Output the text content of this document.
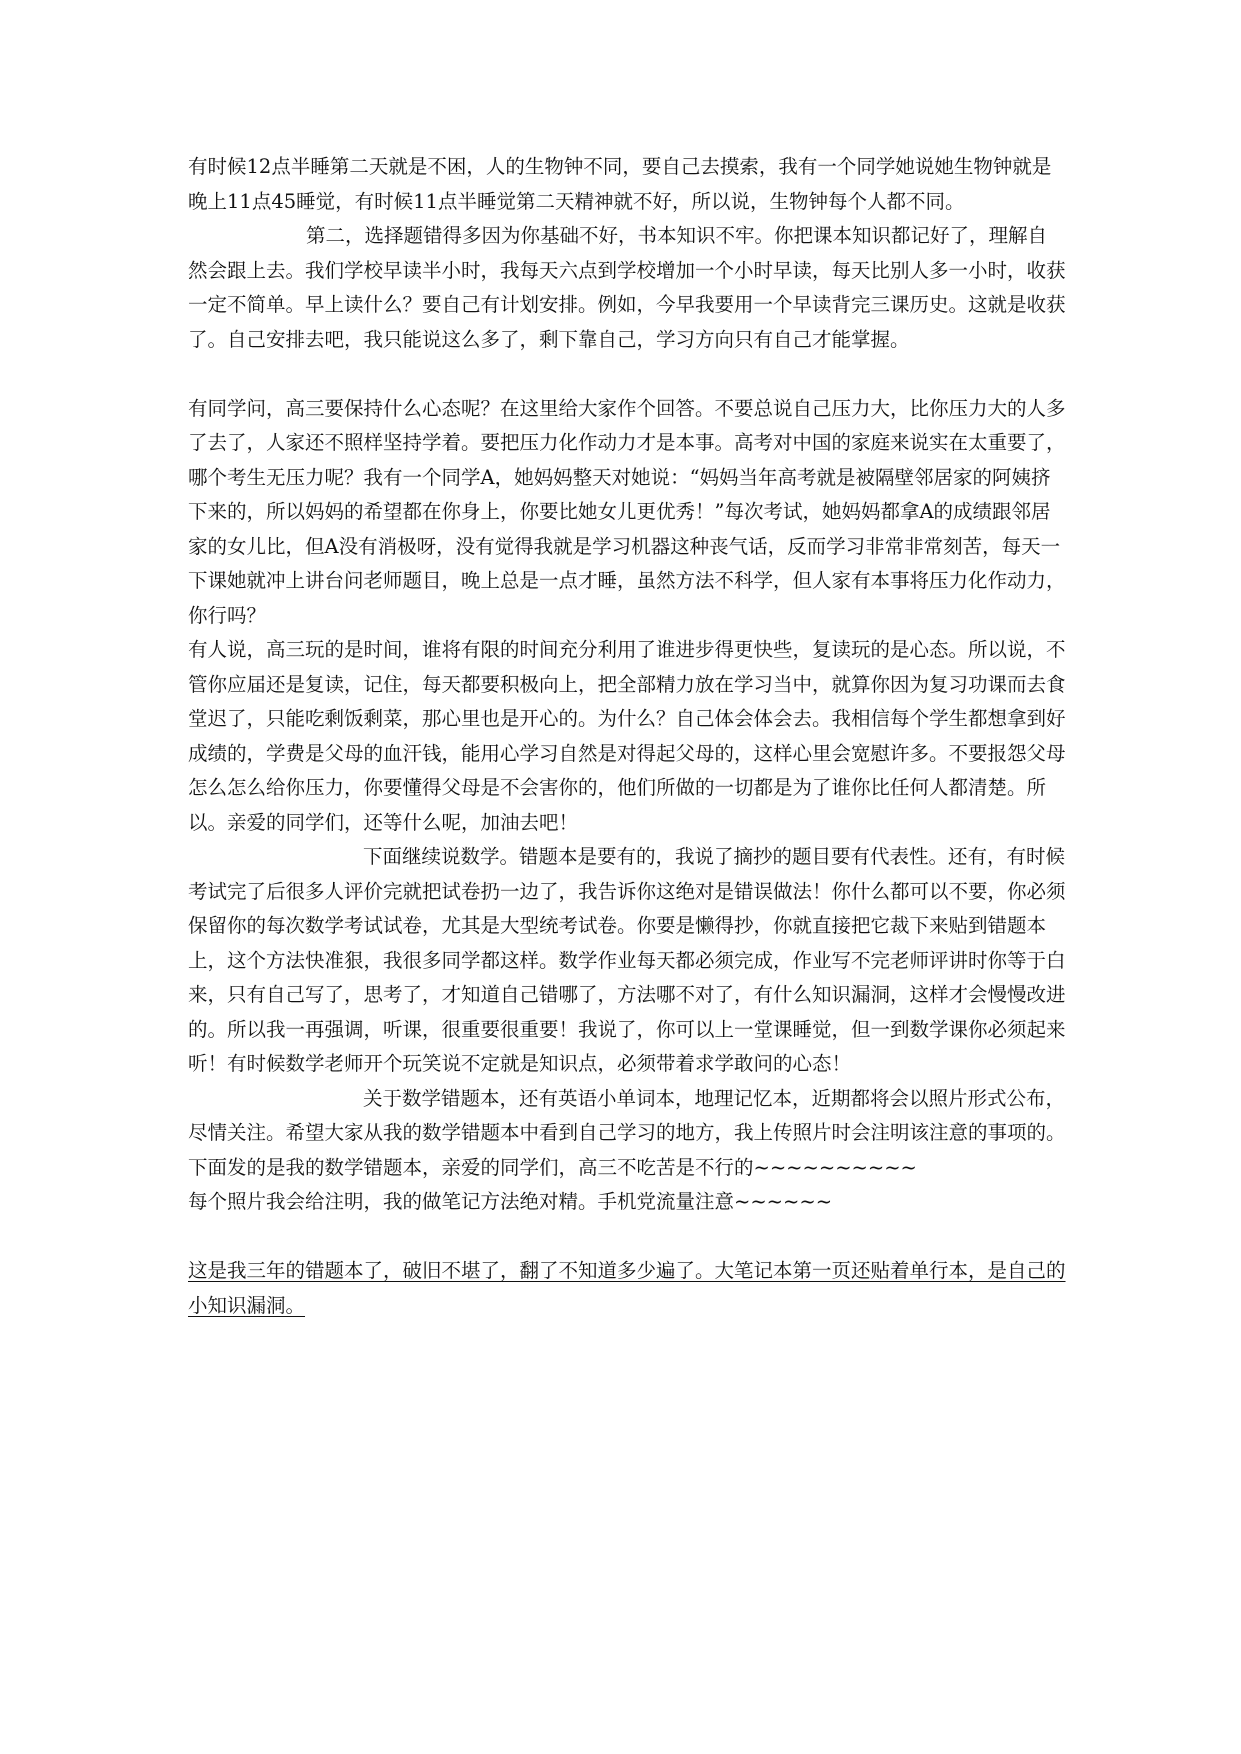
有时候12点半睡第二天就是不困，人的生物钟不同，要自己去摸索，我有一个同学她说她生物钟就是晚上11点45睡觉，有时候11点半睡觉第二天精神就不好，所以说，生物钟每个人都不同。

第二，选择题错得多因为你基础不好，书本知识不牢。你把课本知识都记好了，理解自然会跟上去。我们学校早读半小时，我每天六点到学校增加一个小时早读，每天比别人多一小时，收获一定不简单。早上读什么？要自己有计划安排。例如，今早我要用一个早读背完三课历史。这就是收获了。自己安排去吧，我只能说这么多了，剩下靠自己，学习方向只有自己才能掌握。

有同学问，高三要保持什么心态呢？在这里给大家作个回答。不要总说自己压力大，比你压力大的人多了去了，人家还不照样坚持学着。要把压力化作动力才是本事。高考对中国的家庭来说实在太重要了，哪个考生无压力呢？我有一个同学A，她妈妈整天对她说：“妈妈当年高考就是被隔壁邻居家的阿姨挤下来的，所以妈妈的希望都在你身上，你要比她女儿更优秀！”每次考试，她妈妈都拿A的成绩跟邻居家的女儿比，但A没有消极呀，没有觉得我就是学习机器这种丧气话，反而学习非常非常刻苦，每天一下课她就冲上讲台问老师题目，晚上总是一点才睡，虽然方法不科学，但人家有本事将压力化作动力，你行吗？

有人说，高三玩的是时间，谁将有限的时间充分利用了谁进步得更快些，复读玩的是心态。所以说，不管你应届还是复读，记住，每天都要积极向上，把全部精力放在学习当中，就算你因为复习功课而去食堂迟了，只能吃剩饭剩菜，那心里也是开心的。为什么？自己体会体会去。我相信每个学生都想拿到好成绩的，学费是父母的血汗钱，能用心学习自然是对得起父母的，这样心里会宽慰许多。不要报怨父母怎么怎么给你压力，你要懂得父母是不会害你的，他们所做的一切都是为了谁你比任何人都清楚。所以。亲爱的同学们，还等什么呢，加油去吧！

下面继续说数学。错题本是要有的，我说了摘抄的题目要有代表性。还有，有时候考试完了后很多人评价完就把试卷扔一边了，我告诉你这绝对是错误做法！你什么都可以不要，你必须保留你的每次数学考试试卷，尤其是大型统考试卷。你要是懒得抄，你就直接把它裁下来贴到错题本上，这个方法快准狠，我很多同学都这样。数学作业每天都必须完成，作业写不完老师评讲时你等于白来，只有自己写了，思考了，才知道自己错哪了，方法哪不对了，有什么知识漏洞，这样才会慢慢改进的。所以我一再强调，听课，很重要很重要！我说了，你可以上一堂课睡觉，但一到数学课你必须起来听！有时候数学老师开个玩笑说不定就是知识点，必须带着求学敢问的心态！

关于数学错题本，还有英语小单词本，地理记忆本，近期都将会以照片形式公布，尽情关注。希望大家从我的数学错题本中看到自己学习的地方，我上传照片时会注明该注意的事项的。

下面发的是我的数学错题本，亲爱的同学们，高三不吃苦是不行的~~~~~~~~~~

每个照片我会给注明，我的做笔记方法绝对精。手机党流量注意~~~~~~

这是我三年的错题本了，破旧不堪了，翻了不知道多少遍了。大笔记本第一页还贴着单行本，是自己的小知识漏洞。
